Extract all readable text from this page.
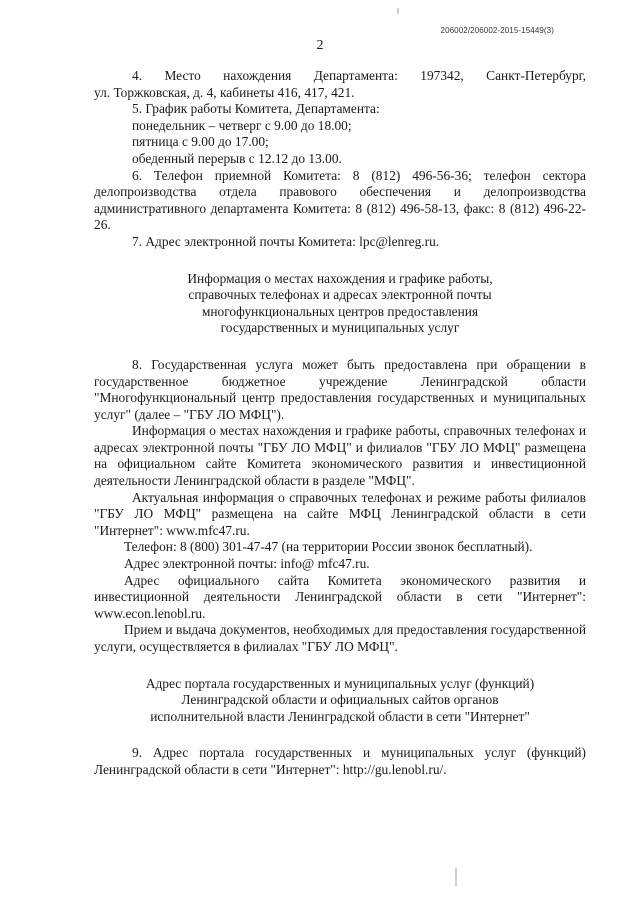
206002/206002-2015-15449(3)
2

4. Место нахождения Департамента: 197342, Санкт-Петербург,

ул. Торжковская, д. 4, кабинеты 416, 417, 421.

5. График работы Комитета, Департамента:

понедельник – четверг с 9.00 до 18.00;

пятница с 9.00 до 17.00;

обеденный перерыв с 12.12 до 13.00.

6. Телефон приемной Комитета: 8 (812) 496-56-36; телефон сектора делопроизводства отдела правового обеспечения и делопроизводства административного департамента Комитета: 8 (812) 496-58-13, факс: 8 (812) 496-22-26.

7. Адрес электронной почты Комитета: lpc@lenreg.ru.

Информация о местах нахождения и графике работы,

справочных телефонах и адресах электронной почты

многофункциональных центров предоставления

государственных и муниципальных услуг

8. Государственная услуга может быть предоставлена при обращении в государственное бюджетное учреждение Ленинградской области "Многофункциональный центр предоставления государственных и муниципальных услуг" (далее – "ГБУ ЛО МФЦ").

Информация о местах нахождения и графике работы, справочных телефонах и адресах электронной почты "ГБУ ЛО МФЦ" и филиалов "ГБУ ЛО МФЦ" размещена на официальном сайте Комитета экономического развития и инвестиционной деятельности Ленинградской области в разделе "МФЦ".

Актуальная информация о справочных телефонах и режиме работы филиалов "ГБУ ЛО МФЦ" размещена на сайте МФЦ Ленинградской области в сети "Интернет": www.mfc47.ru.

Телефон: 8 (800) 301-47-47 (на территории России звонок бесплатный).

Адрес электронной почты: info@ mfc47.ru.

Адрес официального сайта Комитета экономического развития и инвестиционной деятельности Ленинградской области в сети "Интернет": www.econ.lenobl.ru.

Прием и выдача документов, необходимых для предоставления государственной услуги, осуществляется в филиалах "ГБУ ЛО МФЦ".

Адрес портала государственных и муниципальных услуг (функций)

Ленинградской области и официальных сайтов органов

исполнительной власти Ленинградской области в сети "Интернет"

9. Адрес портала государственных и муниципальных услуг (функций) Ленинградской области в сети "Интернет": http://gu.lenobl.ru/.
